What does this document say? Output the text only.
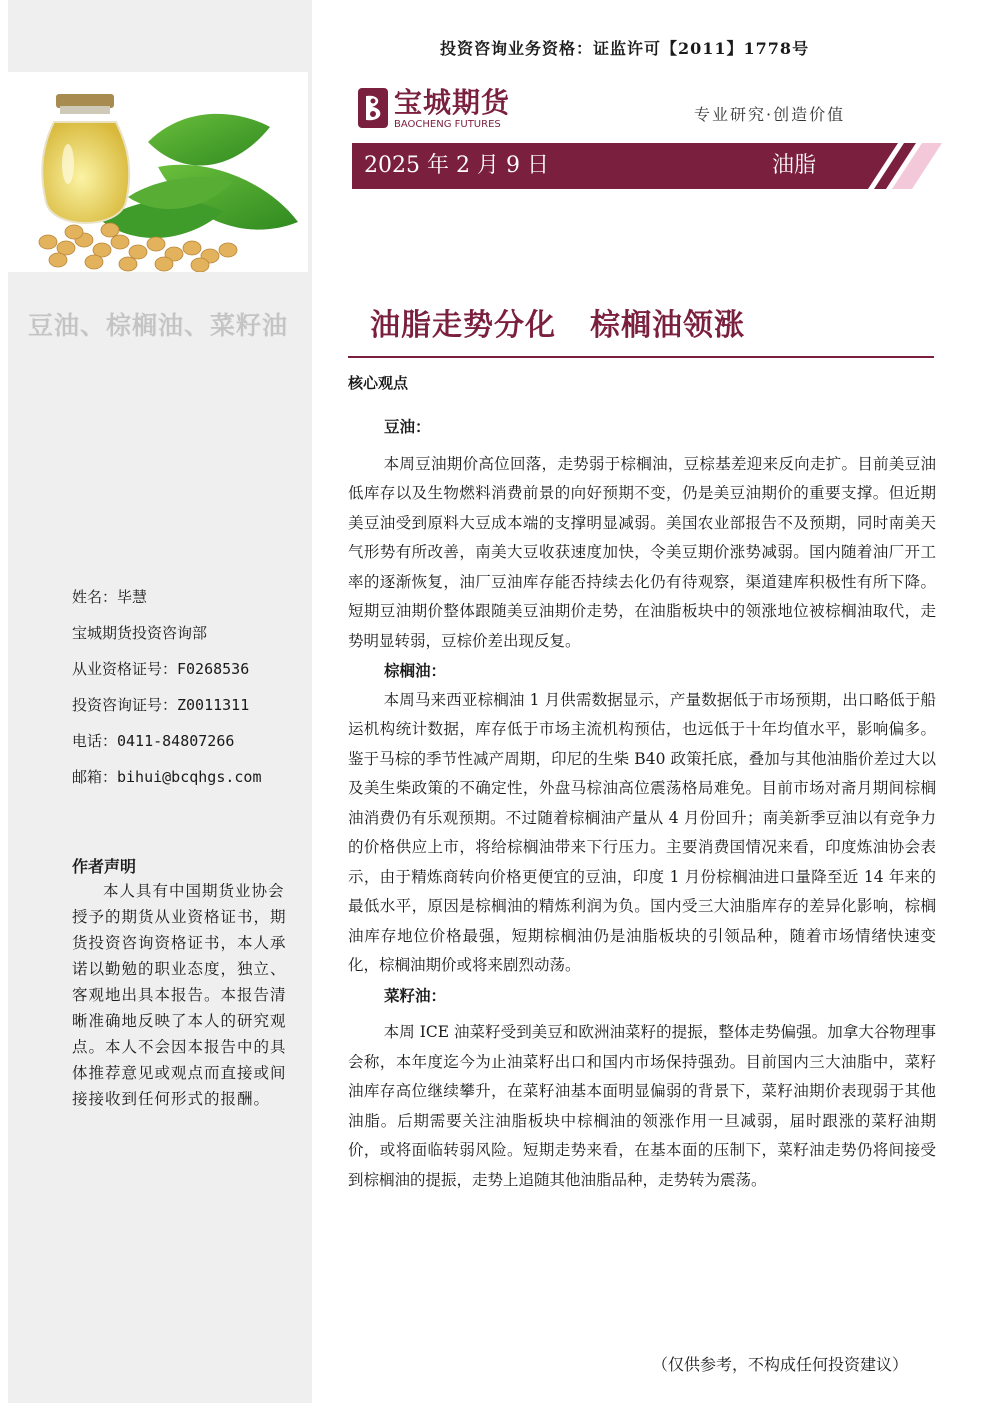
豆油、棕榈油、菜籽油
姓名：毕慧
宝城期货投资咨询部
从业资格证号：F0268536
投资咨询证号：Z0011311
电话：0411-84807266
邮箱：bihui@bcqhgs.com
作者声明
本人具有中国期货业协会授予的期货从业资格证书，期货投资咨询资格证书，本人承诺以勤勉的职业态度，独立、客观地出具本报告。本报告清晰准确地反映了本人的研究观点。本人不会因本报告中的具体推荐意见或观点而直接或间接接收到任何形式的报酬。
投资咨询业务资格：证监许可【2011】1778号
宝城期货
BAOCHENG FUTURES
专业研究·创造价值
2025 年 2 月 9 日	油脂
油脂走势分化 棕榈油领涨
核心观点
豆油：

本周豆油期价高位回落，走势弱于棕榈油，豆棕基差迎来反向走扩。目前美豆油低库存以及生物燃料消费前景的向好预期不变，仍是美豆油期价的重要支撑。但近期美豆油受到原料大豆成本端的支撑明显减弱。美国农业部报告不及预期，同时南美天气形势有所改善，南美大豆收获速度加快，令美豆期价涨势减弱。国内随着油厂开工率的逐渐恢复，油厂豆油库存能否持续去化仍有待观察，渠道建库积极性有所下降。短期豆油期价整体跟随美豆油期价走势，在油脂板块中的领涨地位被棕榈油取代，走势明显转弱，豆棕价差出现反复。

棕榈油：

本周马来西亚棕榈油 1 月供需数据显示，产量数据低于市场预期，出口略低于船运机构统计数据，库存低于市场主流机构预估，也远低于十年均值水平，影响偏多。鉴于马棕的季节性减产周期，印尼的生柴 B40 政策托底，叠加与其他油脂价差过大以及美生柴政策的不确定性，外盘马棕油高位震荡格局难免。目前市场对斋月期间棕榈油消费仍有乐观预期。不过随着棕榈油产量从 4 月份回升；南美新季豆油以有竞争力的价格供应上市，将给棕榈油带来下行压力。主要消费国情况来看，印度炼油协会表示，由于精炼商转向价格更便宜的豆油，印度 1 月份棕榈油进口量降至近 14 年来的最低水平，原因是棕榈油的精炼利润为负。国内受三大油脂库存的差异化影响，棕榈油库存地位价格最强，短期棕榈油仍是油脂板块的引领品种，随着市场情绪快速变化，棕榈油期价或将来剧烈动荡。

菜籽油：

本周 ICE 油菜籽受到美豆和欧洲油菜籽的提振，整体走势偏强。加拿大谷物理事会称，本年度迄今为止油菜籽出口和国内市场保持强劲。目前国内三大油脂中，菜籽油库存高位继续攀升，在菜籽油基本面明显偏弱的背景下，菜籽油期价表现弱于其他油脂。后期需要关注油脂板块中棕榈油的领涨作用一旦减弱，届时跟涨的菜籽油期价，或将面临转弱风险。短期走势来看，在基本面的压制下，菜籽油走势仍将间接受到棕榈油的提振，走势上追随其他油脂品种，走势转为震荡。

（仅供参考，不构成任何投资建议）
